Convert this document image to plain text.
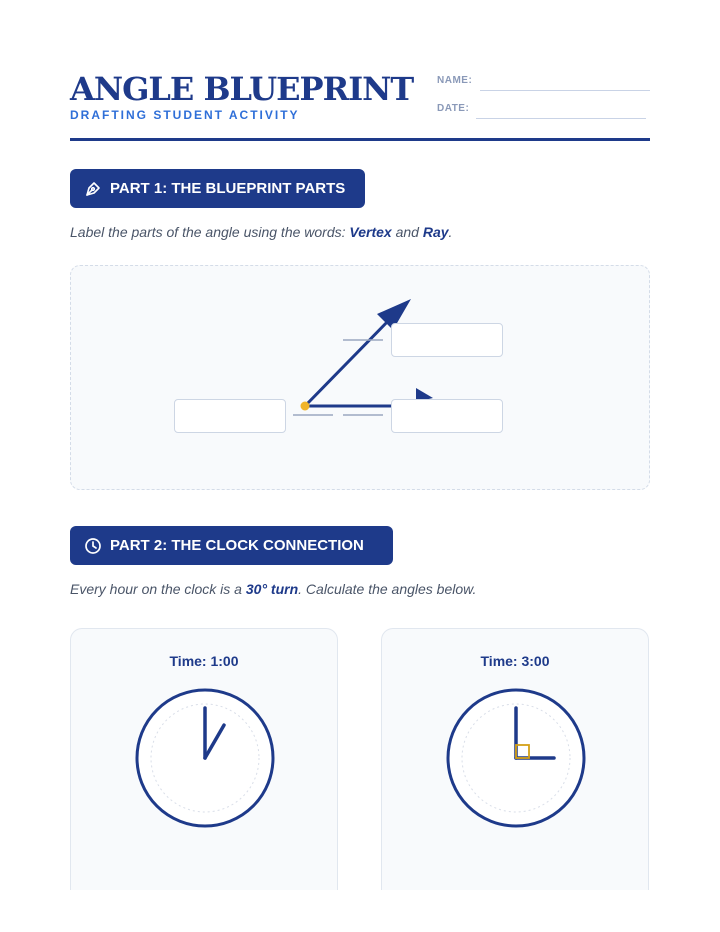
ANGLE BLUEPRINT
DRAFTING STUDENT ACTIVITY
NAME:
DATE:
PART 1: THE BLUEPRINT PARTS
Label the parts of the angle using the words: Vertex and Ray.
PART 2: THE CLOCK CONNECTION
Every hour on the clock is a 30° turn. Calculate the angles below.
Time: 1:00	Time: 3:00
